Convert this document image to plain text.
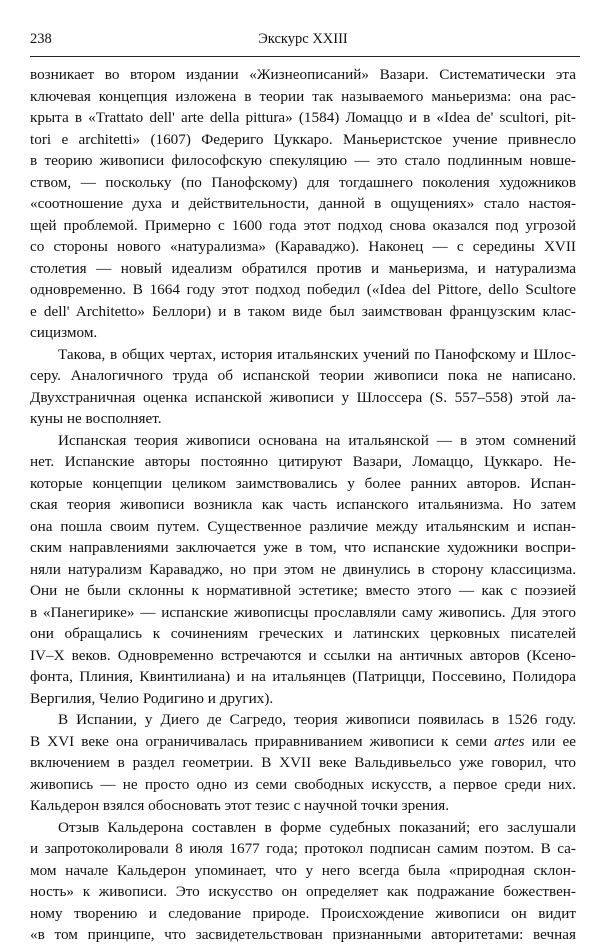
238	Экскурс XXIII
возникает во втором издании «Жизнеописаний» Вазари. Систематически эта
ключевая концепция изложена в теории так называемого маньеризма: она рас-
крыта в «Trattato dell' arte della pittura» (1584) Ломаццо и в «Idea de' scultori, pit-
tori e architetti» (1607) Федериго Цуккаро. Маньеристское учение привнесло
в теорию живописи философскую спекуляцию — это стало подлинным новше-
ством, — поскольку (по Панофскому) для тогдашнего поколения художников
«соотношение духа и действительности, данной в ощущениях» стало настоя-
щей проблемой. Примерно с 1600 года этот подход снова оказался под угрозой
со стороны нового «натурализма» (Караваджо). Наконец — с середины XVII
столетия — новый идеализм обратился против и маньеризма, и натурализма
одновременно. В 1664 году этот подход победил («Idea del Pittore, dello Scultore
e dell' Architetto» Беллори) и в таком виде был заимствован французским клас-
сицизмом.
Такова, в общих чертах, история итальянских учений по Панофскому и Шлос-
серу. Аналогичного труда об испанской теории живописи пока не написано.
Двухстраничная оценка испанской живописи у Шлоссера (S. 557–558) этой ла-
куны не восполняет.
Испанская теория живописи основана на итальянской — в этом сомнений
нет. Испанские авторы постоянно цитируют Вазари, Ломаццо, Цуккаро. Не-
которые концепции целиком заимствовались у более ранних авторов. Испан-
ская теория живописи возникла как часть испанского итальянизма. Но затем
она пошла своим путем. Существенное различие между итальянским и испан-
ским направлениями заключается уже в том, что испанские художники воспри-
няли натурализм Караваджо, но при этом не двинулись в сторону классицизма.
Они не были склонны к нормативной эстетике; вместо этого — как с поэзией
в «Панегирике» — испанские живописцы прославляли саму живопись. Для этого
они обращались к сочинениям греческих и латинских церковных писателей
IV–X веков. Одновременно встречаются и ссылки на античных авторов (Ксено-
фонта, Плиния, Квинтилиана) и на итальянцев (Патрицци, Поссевино, Полидора
Вергилия, Челио Родигино и других).
В Испании, у Диего де Сагредо, теория живописи появилась в 1526 году.
В XVI веке она ограничивалась приравниванием живописи к семи artes или ее
включением в раздел геометрии. В XVII веке Вальдивьельсо уже говорил, что
живопись — не просто одно из семи свободных искусств, а первое среди них.
Кальдерон взялся обосновать этот тезис с научной точки зрения.
Отзыв Кальдерона составлен в форме судебных показаний; его заслушали
и запротоколировали 8 июля 1677 года; протокол подписан самим поэтом. В са-
мом начале Кальдерон упоминает, что у него всегда была «природная склон-
ность» к живописи. Это искусство он определяет как подражание божествен-
ному творению и следование природе. Происхождение живописи он видит
«в том принципе, что засвидетельствован признанными авторитетами: вечная
